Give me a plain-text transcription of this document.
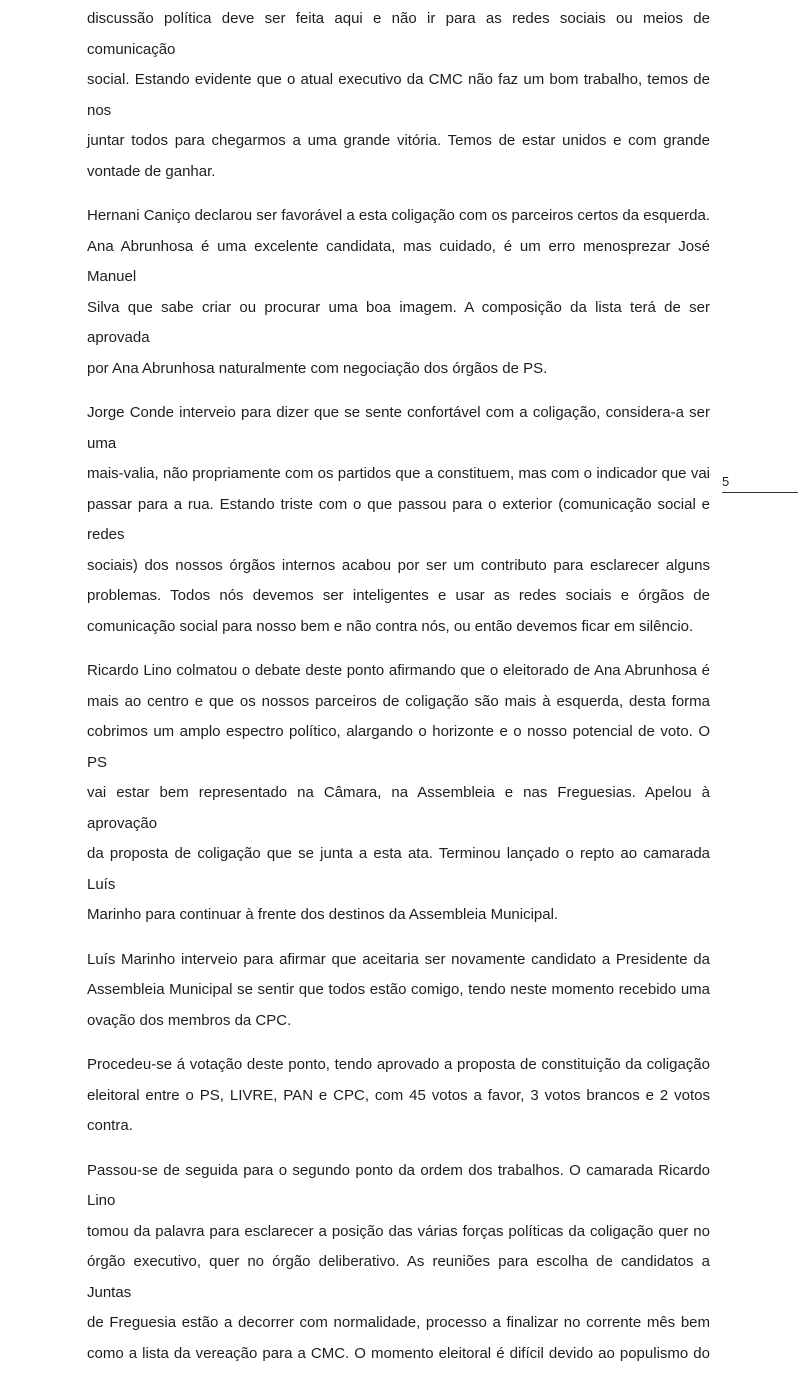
discussão política deve ser feita aqui e não ir para as redes sociais ou meios de comunicação
social. Estando evidente que o atual executivo da CMC não faz um bom trabalho, temos de nos
juntar todos para chegarmos a uma grande vitória. Temos de estar unidos e com grande
vontade de ganhar.

Hernani Caniço declarou ser favorável a esta coligação com os parceiros certos da esquerda.
Ana Abrunhosa é uma excelente candidata, mas cuidado, é um erro menosprezar José Manuel
Silva que sabe criar ou procurar uma boa imagem. A composição da lista terá de ser aprovada
por Ana Abrunhosa naturalmente com negociação dos órgãos de PS.

Jorge Conde interveio para dizer que se sente confortável com a coligação, considera-a ser uma
mais-valia, não propriamente com os partidos que a constituem, mas com o indicador que vai
passar para a rua. Estando triste com o que passou para o exterior (comunicação social e redes
sociais) dos nossos órgãos internos acabou por ser um contributo para esclarecer alguns
problemas. Todos nós devemos ser inteligentes e usar as redes sociais e órgãos de
comunicação social para nosso bem e não contra nós, ou então devemos ficar em silêncio.

Ricardo Lino colmatou o debate deste ponto afirmando que o eleitorado de Ana Abrunhosa é
mais ao centro e que os nossos parceiros de coligação são mais à esquerda, desta forma
cobrimos um amplo espectro político, alargando o horizonte e o nosso potencial de voto. O PS
vai estar bem representado na Câmara, na Assembleia e nas Freguesias. Apelou à aprovação
da proposta de coligação que se junta a esta ata. Terminou lançado o repto ao camarada Luís
Marinho para continuar à frente dos destinos da Assembleia Municipal.

Luís Marinho interveio para afirmar que aceitaria ser novamente candidato a Presidente da
Assembleia Municipal se sentir que todos estão comigo, tendo neste momento recebido uma
ovação dos membros da CPC.

Procedeu-se á votação deste ponto, tendo aprovado a proposta de constituição da coligação
eleitoral entre o PS, LIVRE, PAN e CPC, com 45 votos a favor, 3 votos brancos e 2 votos contra.

Passou-se de seguida para o segundo ponto da ordem dos trabalhos. O camarada Ricardo Lino
tomou da palavra para esclarecer a posição das várias forças políticas da coligação quer no
órgão executivo, quer no órgão deliberativo. As reuniões para escolha de candidatos a Juntas
de Freguesia estão a decorrer com normalidade, processo a finalizar no corrente mês bem
como a lista da vereação para a CMC. O momento eleitoral é difícil devido ao populismo do

5
